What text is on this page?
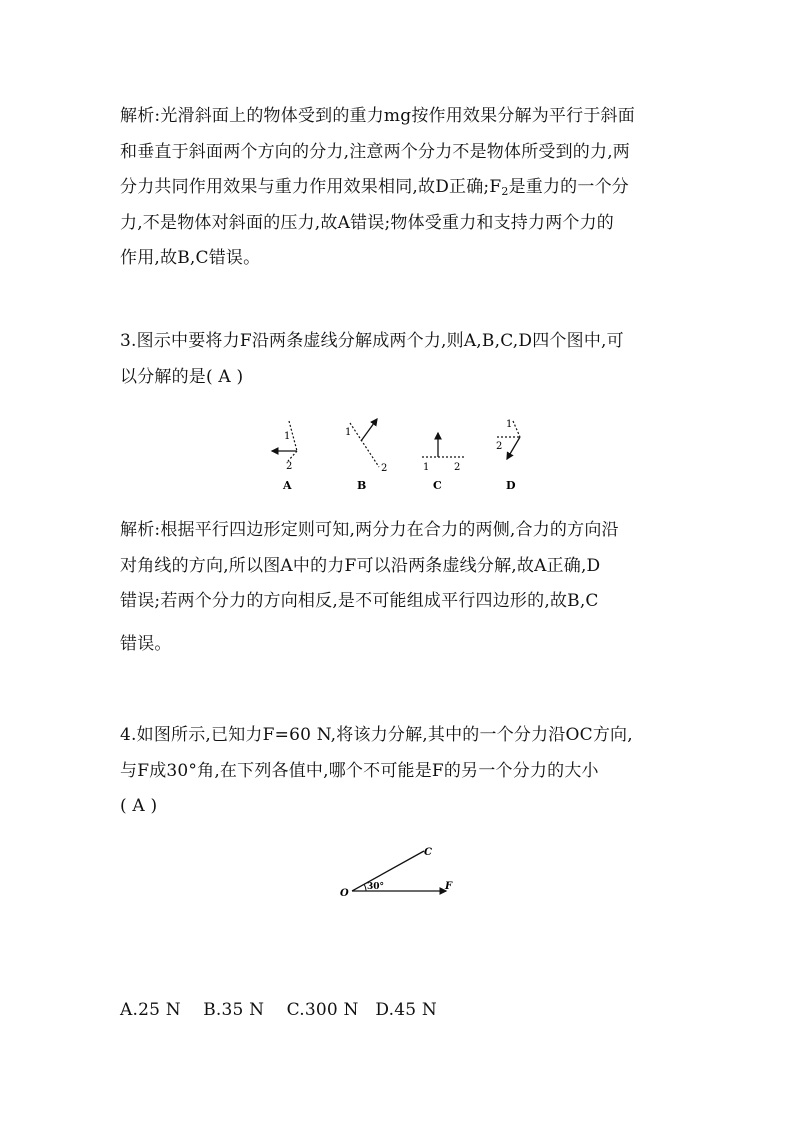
解析:光滑斜面上的物体受到的重力mg按作用效果分解为平行于斜面
和垂直于斜面两个方向的分力,注意两个分力不是物体所受到的力,两
分力共同作用效果与重力作用效果相同,故D正确$;F_2$是重力的一个分
力,不是物体对斜面的压力,故A错误;物体受重力和支持力两个力的
作用,故B,C错误。
3.图示中要将力F沿两条虚线分解成两个力,则A,B,C,D四个图中,可
以分解的是( A )
1
2
A
1
2
B
1 2
C
1
2
D
解析:根据平行四边形定则可知,两分力在合力的两侧,合力的方向沿
对角线的方向,所以图A中的力F可以沿两条虚线分解,故A正确,D
错误;若两个分力的方向相反,是不可能组成平行四边形的,故B,C
错误。
4.如图所示,已知力F=60 N,将该力分解,其中的一个分力沿OC方向,
与F成30°角,在下列各值中,哪个不可能是F的另一个分力的大小
( A )
O
C
F
30°

A.25 N    B.35 N    C.300 N   D.45 N
